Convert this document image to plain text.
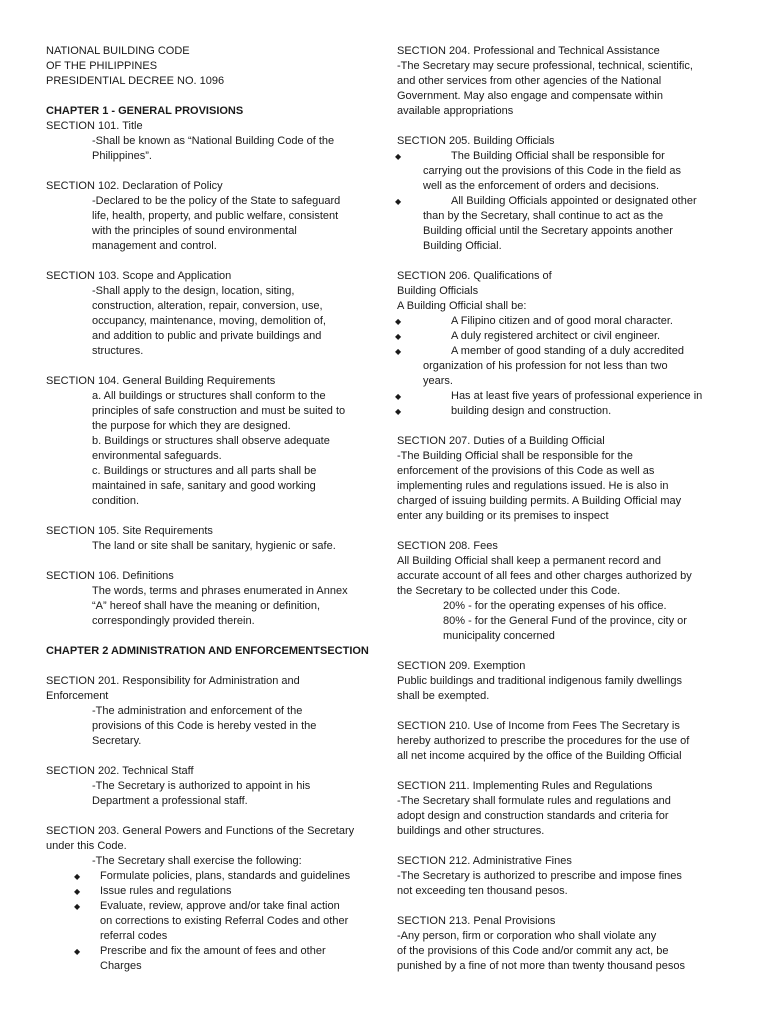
NATIONAL BUILDING CODE
OF THE PHILIPPINES
PRESIDENTIAL DECREE NO. 1096
CHAPTER 1 - GENERAL PROVISIONS
SECTION 101. Title
-Shall be known as “National Building Code of the
Philippines”.
SECTION 102. Declaration of Policy
-Declared to be the policy of the State to safeguard
life, health, property, and public welfare, consistent
with the principles of sound environmental
management and control.
SECTION 103. Scope and Application
-Shall apply to the design, location, siting,
construction, alteration, repair, conversion, use,
occupancy, maintenance, moving, demolition of,
and addition to public and private buildings and
structures.
SECTION 104. General Building Requirements
a. All buildings or structures shall conform to the
principles of safe construction and must be suited to
the purpose for which they are designed.
b. Buildings or structures shall observe adequate
environmental safeguards.
c. Buildings or structures and all parts shall be
maintained in safe, sanitary and good working
condition.
SECTION 105. Site Requirements
The land or site shall be sanitary, hygienic or safe.
SECTION 106. Definitions
The words, terms and phrases enumerated in Annex
“A” hereof shall have the meaning or definition,
correspondingly provided therein.
CHAPTER 2 ADMINISTRATION AND ENFORCEMENTSECTION
SECTION 201. Responsibility for Administration and
Enforcement
-The administration and enforcement of the
provisions of this Code is hereby vested in the
Secretary.
SECTION 202. Technical Staff
-The Secretary is authorized to appoint in his
Department a professional staff.
SECTION 203. General Powers and Functions of the Secretary
under this Code.
-The Secretary shall exercise the following:
◆	Formulate policies, plans, standards and guidelines
◆	Issue rules and regulations
◆	Evaluate, review, approve and/or take final action
on corrections to existing Referral Codes and other
referral codes
◆	Prescribe and fix the amount of fees and other
Charges
SECTION 204. Professional and Technical Assistance
-The Secretary may secure professional, technical, scientific,
and other services from other agencies of the National
Government. May also engage and compensate within
available appropriations
SECTION 205. Building Officials
◆	The Building Official shall be responsible for
carrying out the provisions of this Code in the field as
well as the enforcement of orders and decisions.
◆	All Building Officials appointed or designated other
than by the Secretary, shall continue to act as the
Building official until the Secretary appoints another
Building Official.
SECTION 206. Qualifications of
Building Officials
A Building Official shall be:
◆	A Filipino citizen and of good moral character.
◆	A duly registered architect or civil engineer.
◆	A member of good standing of a duly accredited
organization of his profession for not less than two
years.
◆	Has at least five years of professional experience in
◆	building design and construction.
SECTION 207. Duties of a Building Official
-The Building Official shall be responsible for the
enforcement of the provisions of this Code as well as
implementing rules and regulations issued. He is also in
charged of issuing building permits. A Building Official may
enter any building or its premises to inspect
SECTION 208. Fees
All Building Official shall keep a permanent record and
accurate account of all fees and other charges authorized by
the Secretary to be collected under this Code.
20% - for the operating expenses of his office.
80% - for the General Fund of the province, city or
municipality concerned
SECTION 209. Exemption
Public buildings and traditional indigenous family dwellings
shall be exempted.
SECTION 210. Use of Income from Fees The Secretary is
hereby authorized to prescribe the procedures for the use of
all net income acquired by the office of the Building Official
SECTION 211. Implementing Rules and Regulations
-The Secretary shall formulate rules and regulations and
adopt design and construction standards and criteria for
buildings and other structures.
SECTION 212. Administrative Fines
-The Secretary is authorized to prescribe and impose fines
not exceeding ten thousand pesos.
SECTION 213. Penal Provisions
-Any person, firm or corporation who shall violate any
of the provisions of this Code and/or commit any act, be
punished by a fine of not more than twenty thousand pesos
